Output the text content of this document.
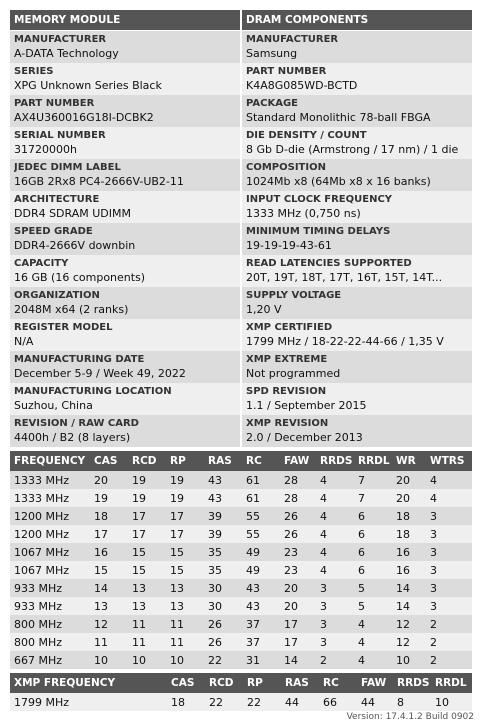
MEMORY MODULE	DRAM COMPONENTS
MANUFACTURER
A-DATA Technology
SERIES
XPG Unknown Series Black
PART NUMBER
AX4U360016G18I-DCBK2
SERIAL NUMBER
31720000h
JEDEC DIMM LABEL
16GB 2Rx8 PC4-2666V-UB2-11
ARCHITECTURE
DDR4 SDRAM UDIMM
SPEED GRADE
DDR4-2666V downbin
CAPACITY
16 GB (16 components)
ORGANIZATION
2048M x64 (2 ranks)
REGISTER MODEL
N/A
MANUFACTURING DATE
December 5-9 / Week 49, 2022
MANUFACTURING LOCATION
Suzhou, China
REVISION / RAW CARD
4400h / B2 (8 layers)
MANUFACTURER
Samsung
PART NUMBER
K4A8G085WD-BCTD
PACKAGE
Standard Monolithic 78-ball FBGA
DIE DENSITY / COUNT
8 Gb D-die (Armstrong / 17 nm) / 1 die
COMPOSITION
1024Mb x8 (64Mb x8 x 16 banks)
INPUT CLOCK FREQUENCY
1333 MHz (0,750 ns)
MINIMUM TIMING DELAYS
19-19-19-43-61
READ LATENCIES SUPPORTED
20T, 19T, 18T, 17T, 16T, 15T, 14T...
SUPPLY VOLTAGE
1,20 V
XMP CERTIFIED
1799 MHz / 18-22-22-44-66 / 1,35 V
XMP EXTREME
Not programmed
SPD REVISION
1.1 / September 2015
XMP REVISION
2.0 / December 2013
FREQUENCY	CAS	RCD	RP	RAS	RC	FAW	RRDS	RRDL	WR	WTRS
1333 MHz	20	19	19	43	61	28	4	7	20	4
1333 MHz	19	19	19	43	61	28	4	7	20	4
1200 MHz	18	17	17	39	55	26	4	6	18	3
1200 MHz	17	17	17	39	55	26	4	6	18	3
1067 MHz	16	15	15	35	49	23	4	6	16	3
1067 MHz	15	15	15	35	49	23	4	6	16	3
933 MHz	14	13	13	30	43	20	3	5	14	3
933 MHz	13	13	13	30	43	20	3	5	14	3
800 MHz	12	11	11	26	37	17	3	4	12	2
800 MHz	11	11	11	26	37	17	3	4	12	2
667 MHz	10	10	10	22	31	14	2	4	10	2
XMP FREQUENCY	CAS	RCD	RP	RAS	RC	FAW	RRDS	RRDL
1799 MHz	18	22	22	44	66	44	8	10
Version: 17.4.1.2 Build 0902
